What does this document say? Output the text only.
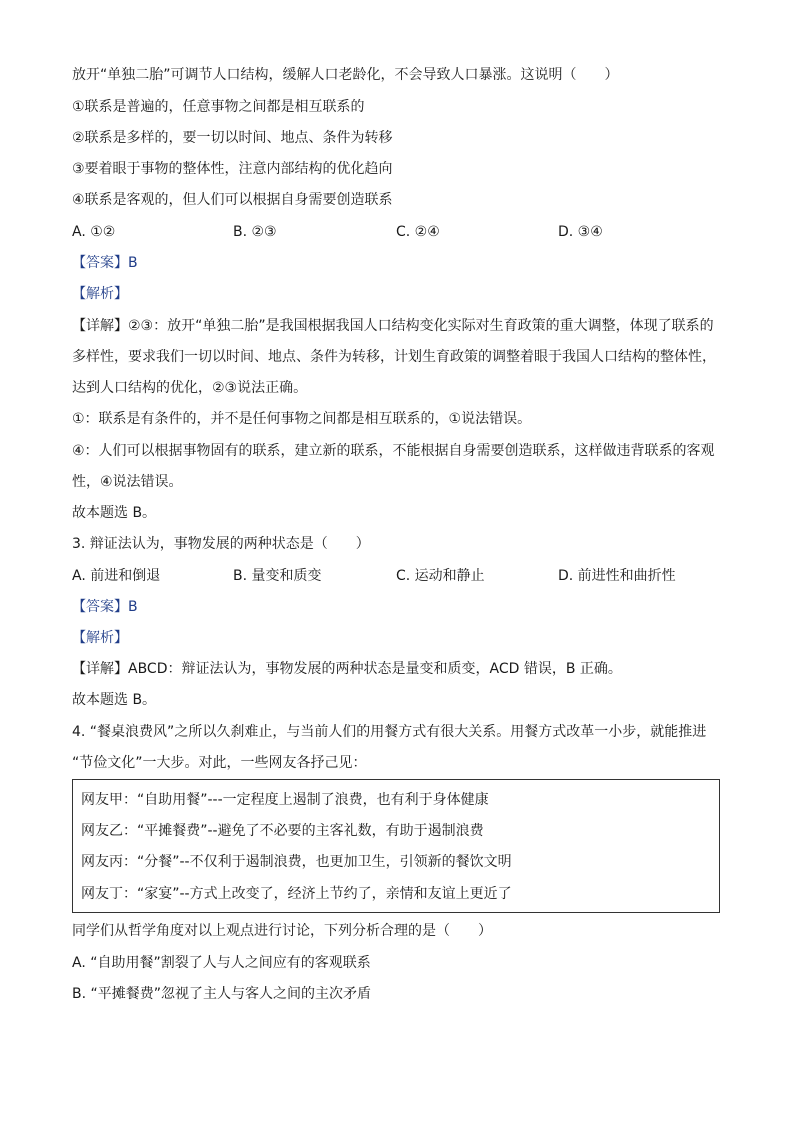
放开“单独二胎”可调节人口结构，缓解人口老龄化，不会导致人口暴涨。这说明（　　）
①联系是普遍的，任意事物之间都是相互联系的
②联系是多样的，要一切以时间、地点、条件为转移
③要着眼于事物的整体性，注意内部结构的优化趋向
④联系是客观的，但人们可以根据自身需要创造联系
A. ①②	B. ②③	C. ②④	D. ③④
【答案】B
【解析】
【详解】②③：放开“单独二胎”是我国根据我国人口结构变化实际对生育政策的重大调整，体现了联系的
多样性，要求我们一切以时间、地点、条件为转移，计划生育政策的调整着眼于我国人口结构的整体性，
达到人口结构的优化，②③说法正确。
①：联系是有条件的，并不是任何事物之间都是相互联系的，①说法错误。
④：人们可以根据事物固有的联系，建立新的联系，不能根据自身需要创造联系，这样做违背联系的客观
性，④说法错误。
故本题选 B。
3. 辩证法认为，事物发展的两种状态是（　　）
A. 前进和倒退	B. 量变和质变	C. 运动和静止	D. 前进性和曲折性
【答案】B
【解析】
【详解】ABCD：辩证法认为，事物发展的两种状态是量变和质变，ACD 错误，B 正确。
故本题选 B。
4. “餐桌浪费风”之所以久刹难止，与当前人们的用餐方式有很大关系。用餐方式改革一小步，就能推进
“节俭文化”一大步。对此，一些网友各抒己见：
网友甲：“自助用餐”---一定程度上遏制了浪费，也有利于身体健康
网友乙：“平摊餐费”--避免了不必要的主客礼数，有助于遏制浪费
网友丙：“分餐”--不仅利于遏制浪费，也更加卫生，引领新的餐饮文明
网友丁：“家宴”--方式上改变了，经济上节约了，亲情和友谊上更近了
同学们从哲学角度对以上观点进行讨论，下列分析合理的是（　　）
A. “自助用餐”割裂了人与人之间应有的客观联系
B. “平摊餐费”忽视了主人与客人之间的主次矛盾
